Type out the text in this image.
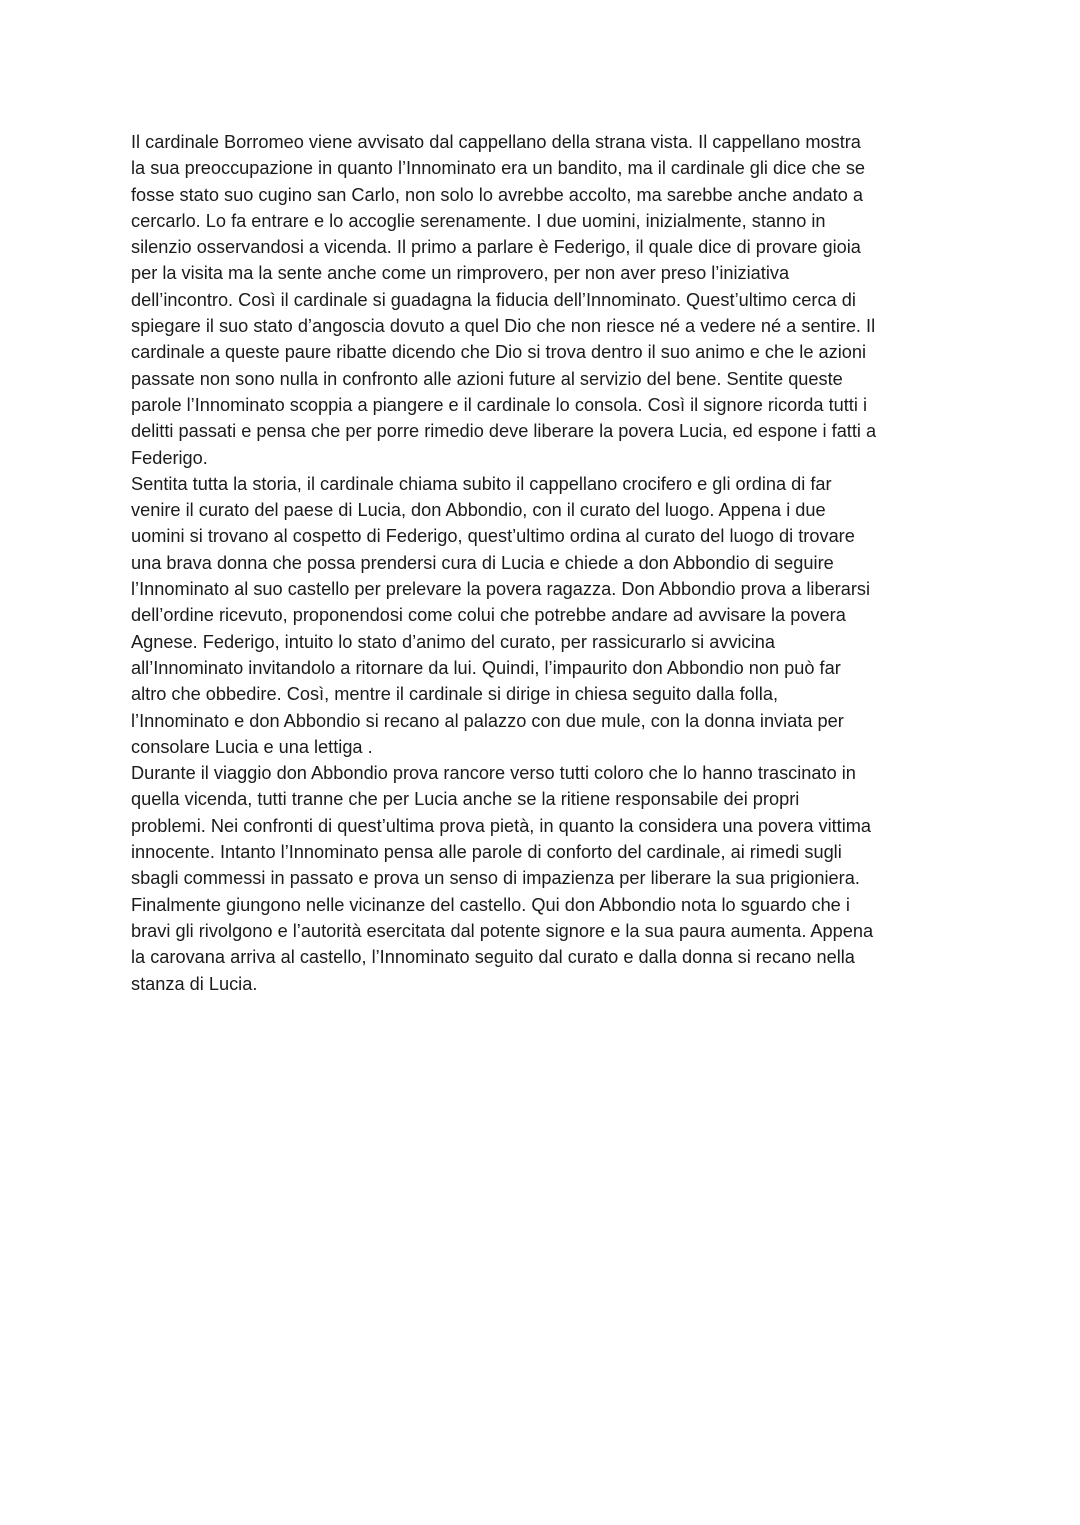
Il cardinale Borromeo viene avvisato dal cappellano della strana vista. Il cappellano mostra
la sua preoccupazione in quanto l’Innominato era un bandito, ma il cardinale gli dice che se
fosse stato suo cugino san Carlo, non solo lo avrebbe accolto, ma sarebbe anche andato a
cercarlo. Lo fa entrare e lo accoglie serenamente. I due uomini, inizialmente, stanno in
silenzio osservandosi a vicenda. Il primo a parlare è Federigo, il quale dice di provare gioia
per la visita ma la sente anche come un rimprovero, per non aver preso l’iniziativa
dell’incontro. Così il cardinale si guadagna la fiducia dell’Innominato. Quest’ultimo cerca di
spiegare il suo stato d’angoscia dovuto a quel Dio che non riesce né a vedere né a sentire. Il
cardinale a queste paure ribatte dicendo che Dio si trova dentro il suo animo e che le azioni
passate non sono nulla in confronto alle azioni future al servizio del bene. Sentite queste
parole l’Innominato scoppia a piangere e il cardinale lo consola. Così il signore ricorda tutti i
delitti passati e pensa che per porre rimedio deve liberare la povera Lucia, ed espone i fatti a
Federigo.

Sentita tutta la storia, il cardinale chiama subito il cappellano crocifero e gli ordina di far
venire il curato del paese di Lucia, don Abbondio, con il curato del luogo. Appena i due
uomini si trovano al cospetto di Federigo, quest’ultimo ordina al curato del luogo di trovare
una brava donna che possa prendersi cura di Lucia e chiede a don Abbondio di seguire
l’Innominato al suo castello per prelevare la povera ragazza. Don Abbondio prova a liberarsi
dell’ordine ricevuto, proponendosi come colui che potrebbe andare ad avvisare la povera
Agnese. Federigo, intuito lo stato d’animo del curato, per rassicurarlo si avvicina
all’Innominato invitandolo a ritornare da lui. Quindi, l’impaurito don Abbondio non può far
altro che obbedire. Così, mentre il cardinale si dirige in chiesa seguito dalla folla,
l’Innominato e don Abbondio si recano al palazzo con due mule, con la donna inviata per
consolare Lucia e una lettiga .

Durante il viaggio don Abbondio prova rancore verso tutti coloro che lo hanno trascinato in
quella vicenda, tutti tranne che per Lucia anche se la ritiene responsabile dei propri
problemi. Nei confronti di quest’ultima prova pietà, in quanto la considera una povera vittima
innocente. Intanto l’Innominato pensa alle parole di conforto del cardinale, ai rimedi sugli
sbagli commessi in passato e prova un senso di impazienza per liberare la sua prigioniera.
Finalmente giungono nelle vicinanze del castello. Qui don Abbondio nota lo sguardo che i
bravi gli rivolgono e l’autorità esercitata dal potente signore e la sua paura aumenta. Appena
la carovana arriva al castello, l’Innominato seguito dal curato e dalla donna si recano nella
stanza di Lucia.
